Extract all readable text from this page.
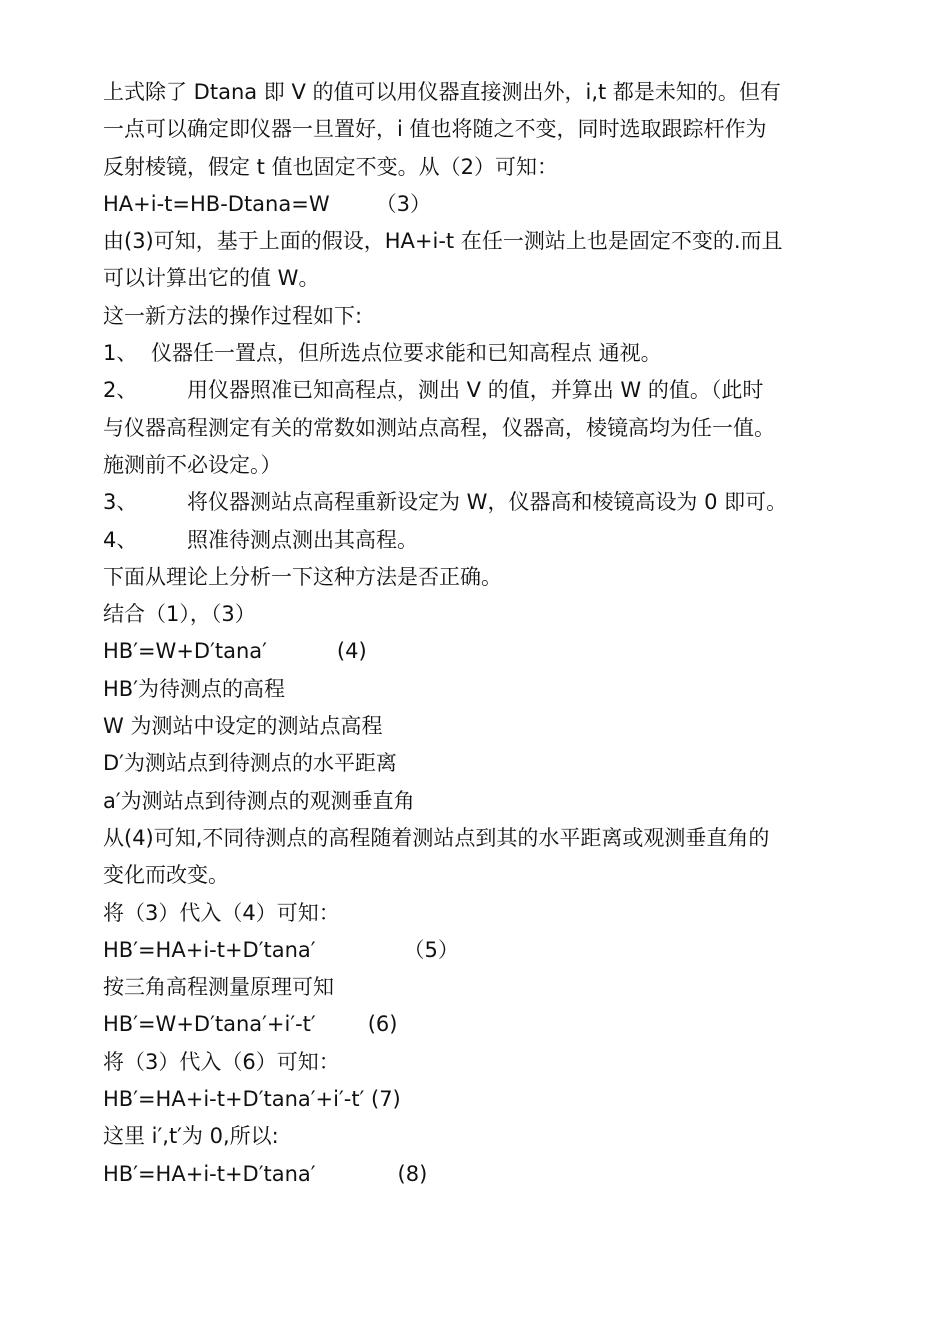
上式除了 Dtana 即 V 的值可以用仪器直接测出外，i,t 都是未知的。但有
一点可以确定即仪器一旦置好，i 值也将随之不变，同时选取跟踪杆作为
反射棱镜，假定 t 值也固定不变。从（2）可知：
HA+i-t=HB-Dtana=W （3）
由(3)可知，基于上面的假设，HA+i-t 在任一测站上也是固定不变的.而且
可以计算出它的值 W。
这一新方法的操作过程如下:
1、 仪器任一置点，但所选点位要求能和已知高程点 通视。
2、 用仪器照准已知高程点，测出 V 的值，并算出 W 的值。（此时
与仪器高程测定有关的常数如测站点高程，仪器高，棱镜高均为任一值。
施测前不必设定。）
3、 将仪器测站点高程重新设定为 W，仪器高和棱镜高设为 0 即可。
4、 照准待测点测出其高程。
下面从理论上分析一下这种方法是否正确。
结合（1），（3）
HB′=W+D′tana′	(4)
HB′为待测点的高程
W 为测站中设定的测站点高程
D′为测站点到待测点的水平距离
a′为测站点到待测点的观测垂直角
从(4)可知,不同待测点的高程随着测站点到其的水平距离或观测垂直角的
变化而改变。
将（3）代入（4）可知：
HB′=HA+i-t+D′tana′	（5）
按三角高程测量原理可知
HB′=W+D′tana′+i′-t′ (6)
将（3）代入（6）可知：
HB′=HA+i-t+D′tana′+i′-t′ (7)
这里 i′,t′为 0,所以:
HB′=HA+i-t+D′tana′	(8)
